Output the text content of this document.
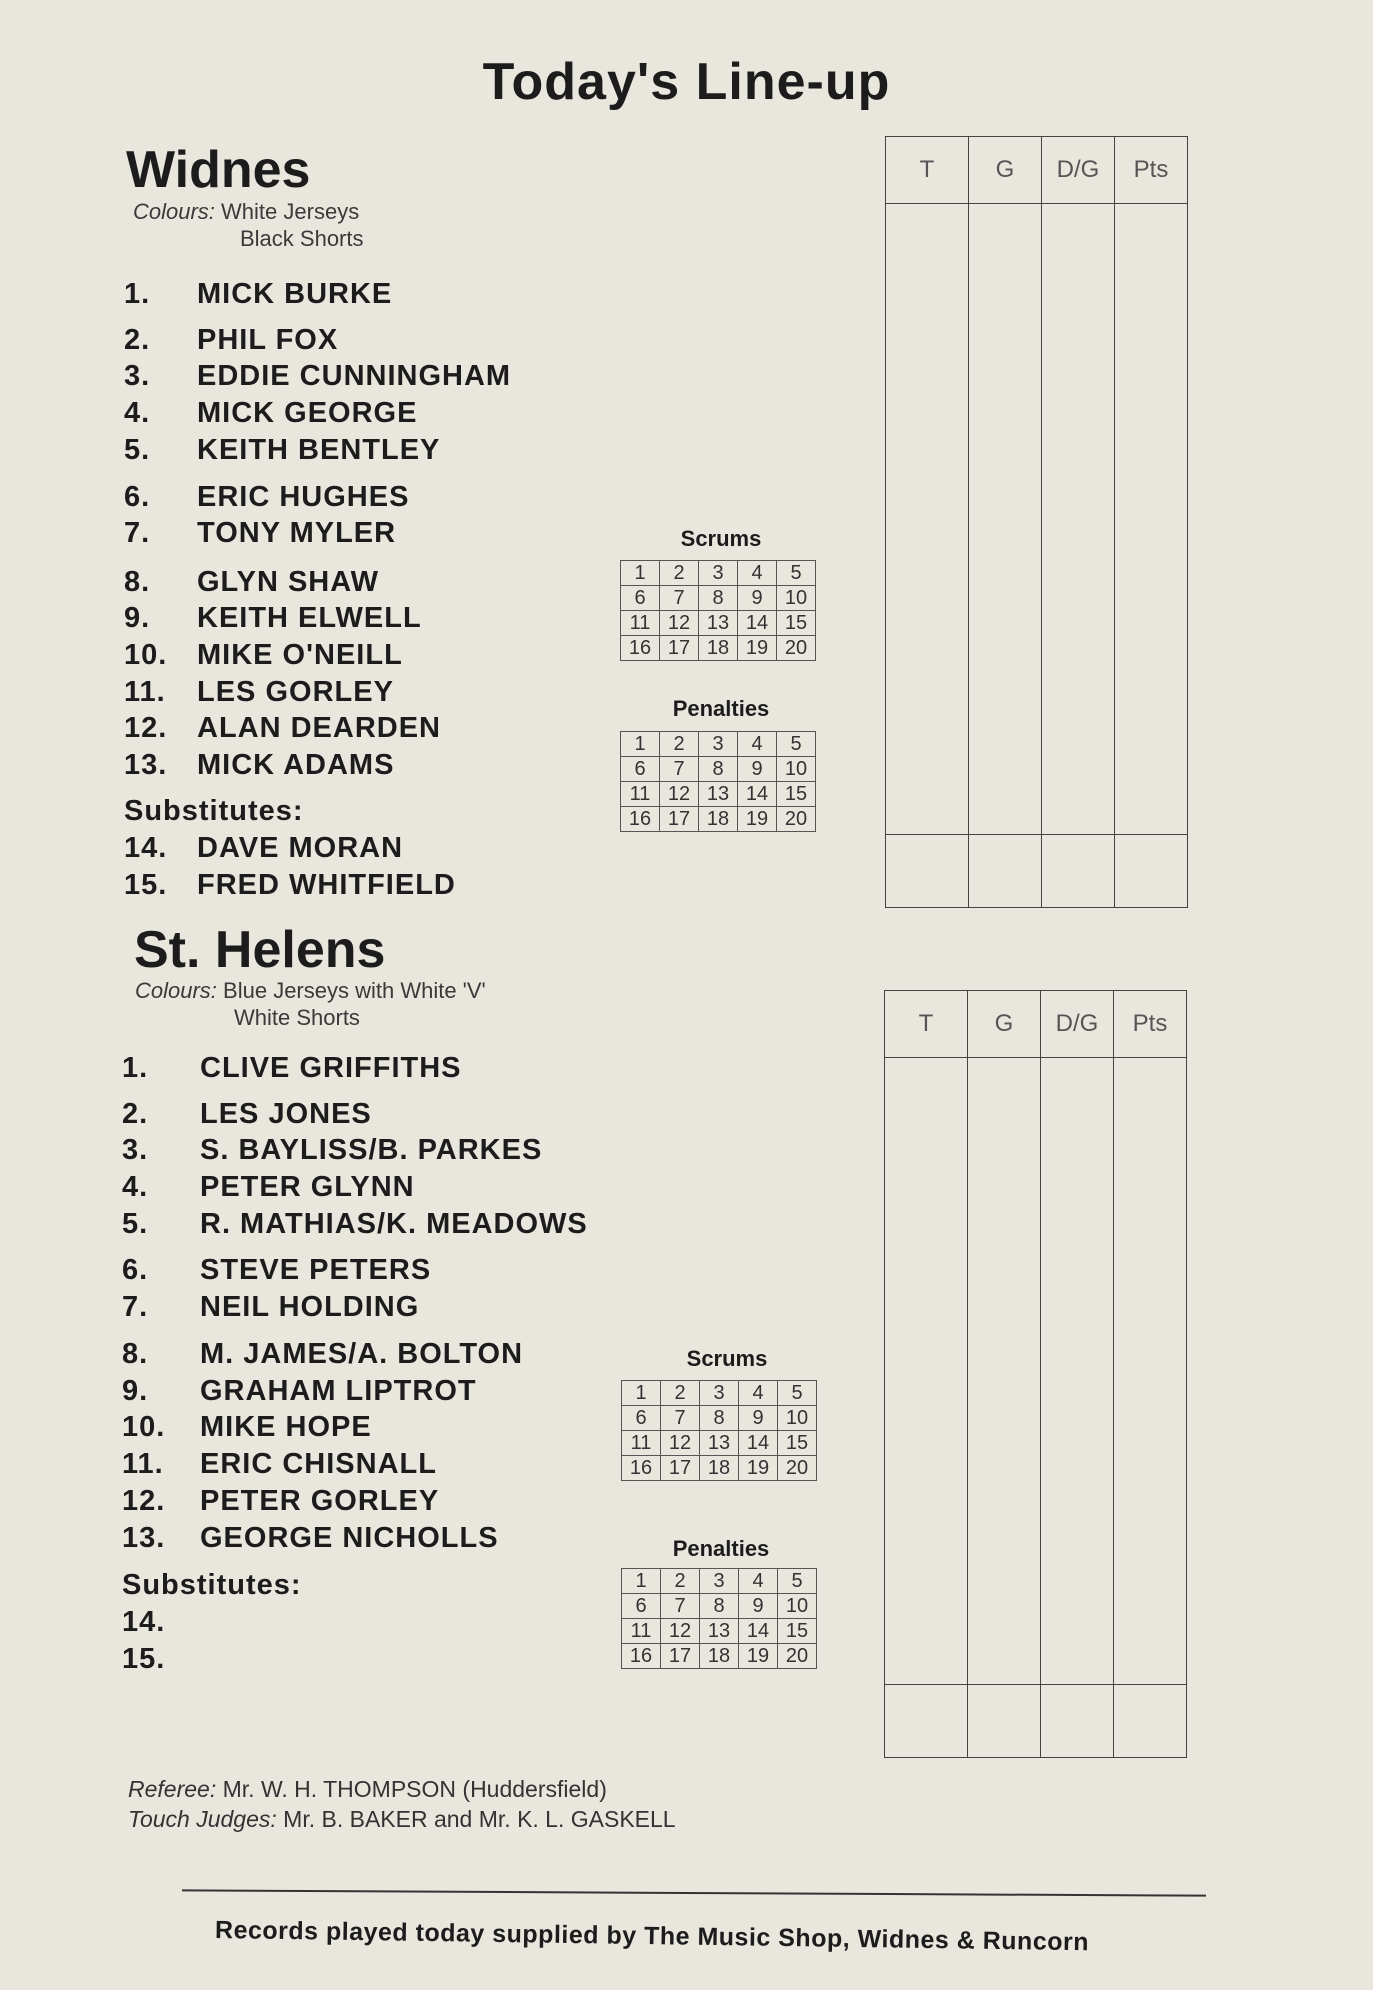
Today's Line-up
Widnes
Colours: White Jerseys
Black Shorts
1.	MICK BURKE
2.	PHIL FOX
3.	EDDIE CUNNINGHAM
4.	MICK GEORGE
5.	KEITH BENTLEY
6.	ERIC HUGHES
7.	TONY MYLER
8.	GLYN SHAW
9.	KEITH ELWELL
10.	MIKE O'NEILL
11.	LES GORLEY
12.	ALAN DEARDEN
13.	MICK ADAMS
Substitutes:
14.	DAVE MORAN
15.	FRED WHITFIELD
St. Helens
Colours: Blue Jerseys with White 'V'
White Shorts
1.	CLIVE GRIFFITHS
2.	LES JONES
3.	S. BAYLISS/B. PARKES
4.	PETER GLYNN
5.	R. MATHIAS/K. MEADOWS
6.	STEVE PETERS
7.	NEIL HOLDING
8.	M. JAMES/A. BOLTON
9.	GRAHAM LIPTROT
10.	MIKE HOPE
11.	ERIC CHISNALL
12.	PETER GORLEY
13.	GEORGE NICHOLLS
Substitutes:
14.
15.
Scrums
1	2	3	4	5
6	7	8	9	10
11	12	13	14	15
16	17	18	19	20
Penalties
1	2	3	4	5
6	7	8	9	10
11	12	13	14	15
16	17	18	19	20
Scrums
1	2	3	4	5
6	7	8	9	10
11	12	13	14	15
16	17	18	19	20
Penalties
1	2	3	4	5
6	7	8	9	10
11	12	13	14	15
16	17	18	19	20
T	G	D/G	Pts

T	G	D/G	Pts

Referee: Mr. W. H. THOMPSON (Huddersfield)
Touch Judges: Mr. B. BAKER and Mr. K. L. GASKELL
Records played today supplied by The Music Shop, Widnes & Runcorn
